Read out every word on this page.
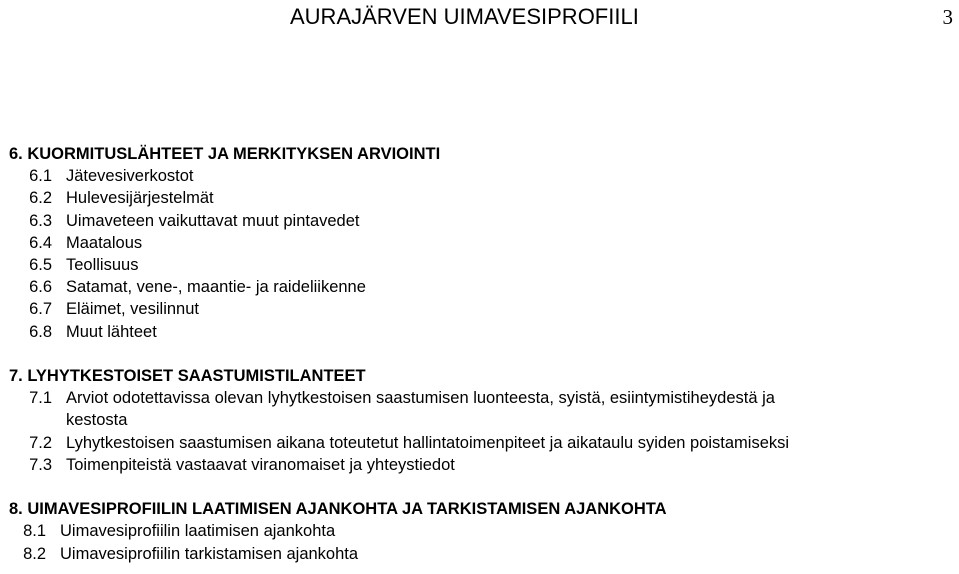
AURAJÄRVEN UIMAVESIPROFIILI	3
6. KUORMITUSLÄHTEET JA MERKITYKSEN ARVIOINTI
6.1 Jätevesiverkostot
6.2 Hulevesijärjestelmät
6.3 Uimaveteen vaikuttavat muut pintavedet
6.4 Maatalous
6.5 Teollisuus
6.6 Satamat, vene-, maantie- ja raideliikenne
6.7 Eläimet, vesilinnut
6.8 Muut lähteet
7. LYHYTKESTOISET SAASTUMISTILANTEET
7.1 Arviot odotettavissa olevan lyhytkestoisen saastumisen luonteesta, syistä, esiintymistiheydestä ja
kestosta
7.2 Lyhytkestoisen saastumisen aikana toteutetut hallintatoimenpiteet ja aikataulu syiden poistamiseksi
7.3 Toimenpiteistä vastaavat viranomaiset ja yhteystiedot
8. UIMAVESIPROFIILIN LAATIMISEN AJANKOHTA JA TARKISTAMISEN AJANKOHTA
8.1 Uimavesiprofiilin laatimisen ajankohta
8.2 Uimavesiprofiilin tarkistamisen ajankohta
